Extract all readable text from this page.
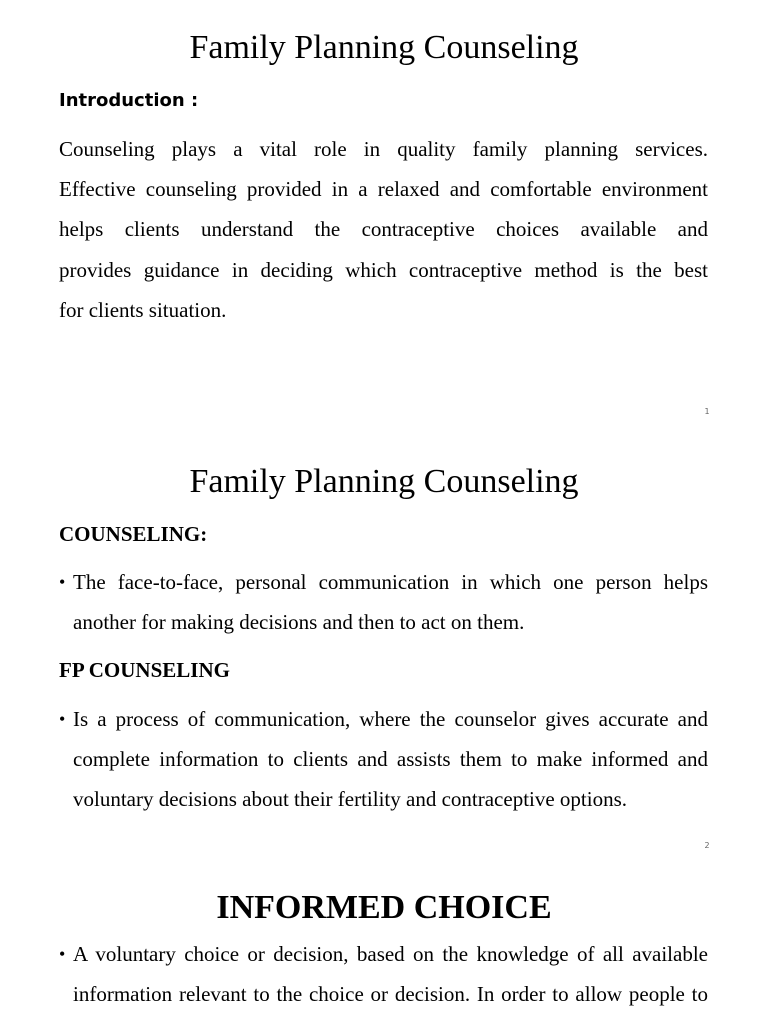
Family Planning Counseling
Introduction :
Counseling plays a vital role in quality family planning services.
Effective counseling provided in a relaxed and comfortable environment
helps clients understand the contraceptive choices available and
provides guidance in deciding which contraceptive method is the best
for clients situation.
1
Family Planning Counseling
COUNSELING:
• The face-to-face, personal communication in which one person helps
another for making decisions and then to act on them.
FP COUNSELING
• Is a process of communication, where the counselor gives accurate and
complete information to clients and assists them to make informed and
voluntary decisions about their fertility and contraceptive options.
2
INFORMED CHOICE
• A voluntary choice or decision, based on the knowledge of all available
information relevant to the choice or decision. In order to allow people to
